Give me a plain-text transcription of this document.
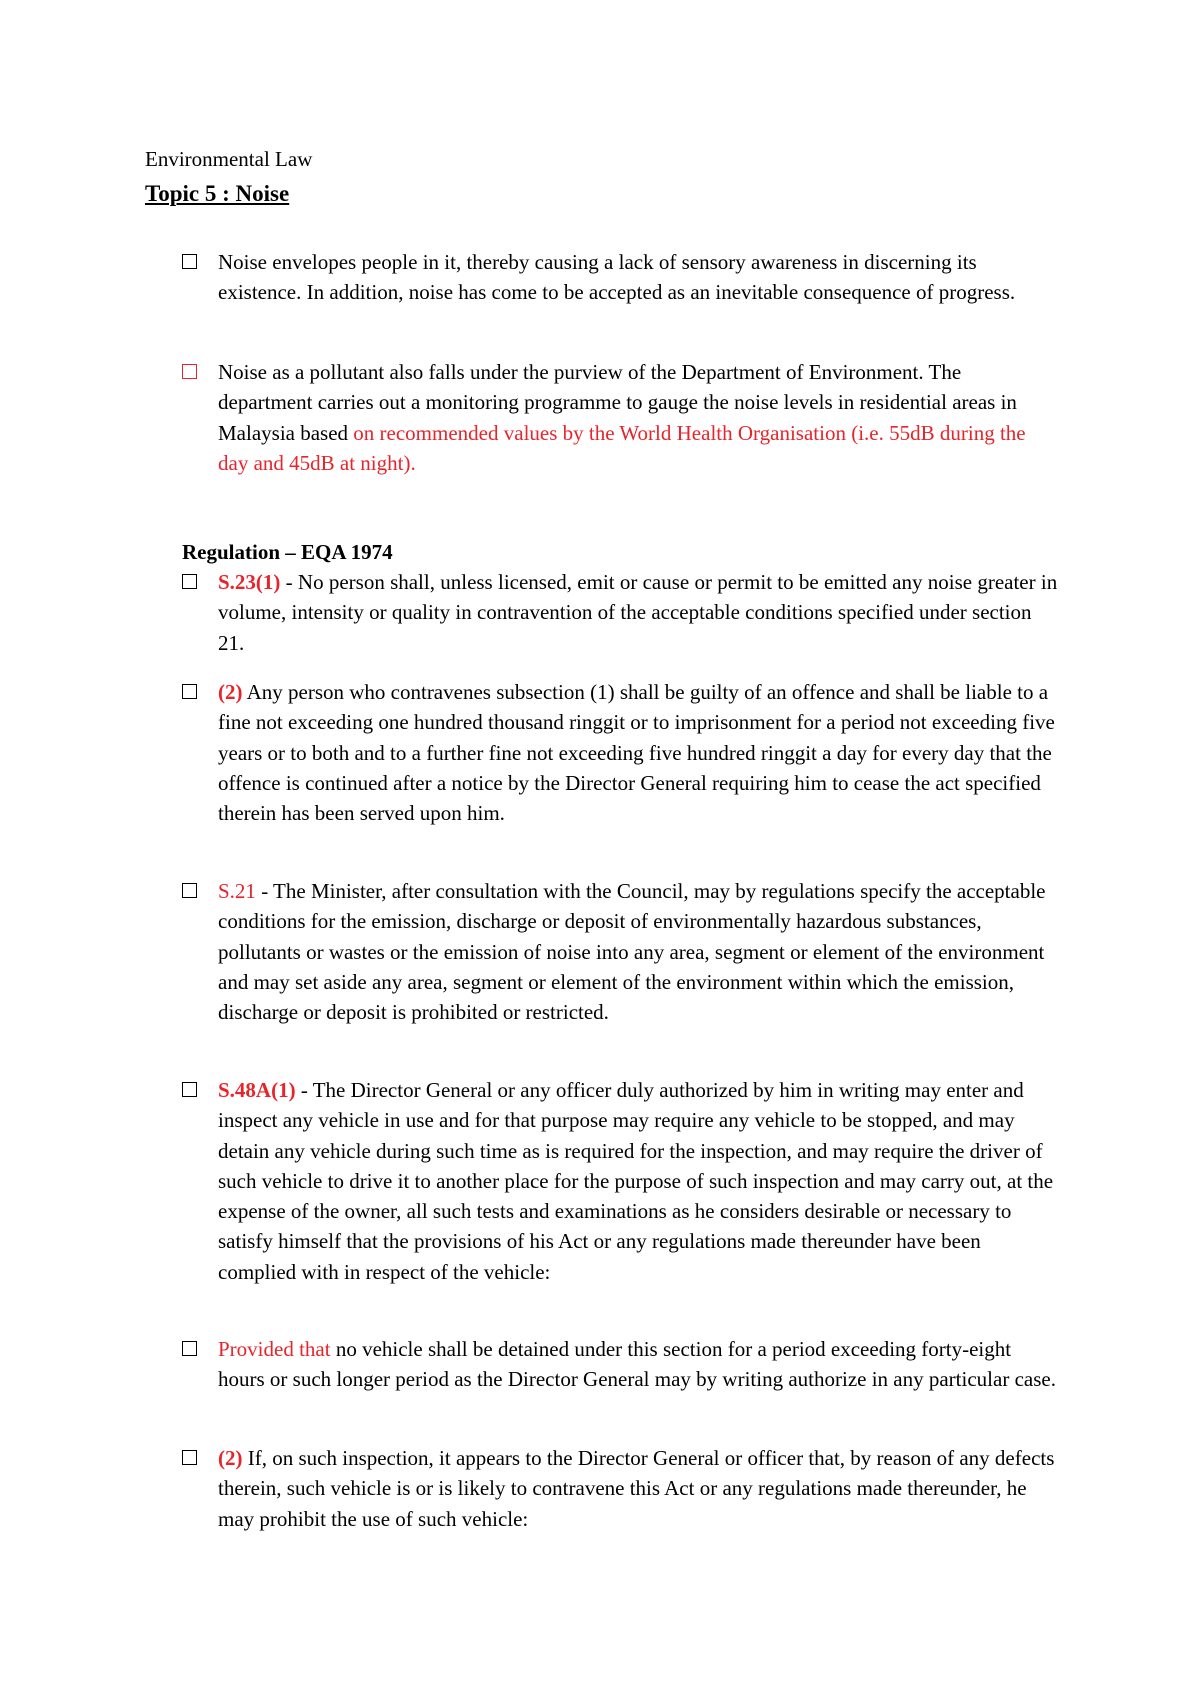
Environmental Law
Topic 5 : Noise
Noise envelopes people in it, thereby causing a lack of sensory awareness in discerning its existence. In addition, noise has come to be accepted as an inevitable consequence of progress.
Noise as a pollutant also falls under the purview of the Department of Environment. The department carries out a monitoring programme to gauge the noise levels in residential areas in Malaysia based on recommended values by the World Health Organisation (i.e. 55dB during the day and 45dB at night).
Regulation – EQA 1974
S.23(1) - No person shall, unless licensed, emit or cause or permit to be emitted any noise greater in volume, intensity or quality in contravention of the acceptable conditions specified under section 21.
(2) Any person who contravenes subsection (1) shall be guilty of an offence and shall be liable to a fine not exceeding one hundred thousand ringgit or to imprisonment for a period not exceeding five years or to both and to a further fine not exceeding five hundred ringgit a day for every day that the offence is continued after a notice by the Director General requiring him to cease the act specified therein has been served upon him.
S.21 - The Minister, after consultation with the Council, may by regulations specify the acceptable conditions for the emission, discharge or deposit of environmentally hazardous substances, pollutants or wastes or the emission of noise into any area, segment or element of the environment and may set aside any area, segment or element of the environment within which the emission, discharge or deposit is prohibited or restricted.
S.48A(1) - The Director General or any officer duly authorized by him in writing may enter and inspect any vehicle in use and for that purpose may require any vehicle to be stopped, and may detain any vehicle during such time as is required for the inspection, and may require the driver of such vehicle to drive it to another place for the purpose of such inspection and may carry out, at the expense of the owner, all such tests and examinations as he considers desirable or necessary to satisfy himself that the provisions of his Act or any regulations made thereunder have been complied with in respect of the vehicle:
Provided that no vehicle shall be detained under this section for a period exceeding forty-eight hours or such longer period as the Director General may by writing authorize in any particular case.
(2) If, on such inspection, it appears to the Director General or officer that, by reason of any defects therein, such vehicle is or is likely to contravene this Act or any regulations made thereunder, he may prohibit the use of such vehicle:
